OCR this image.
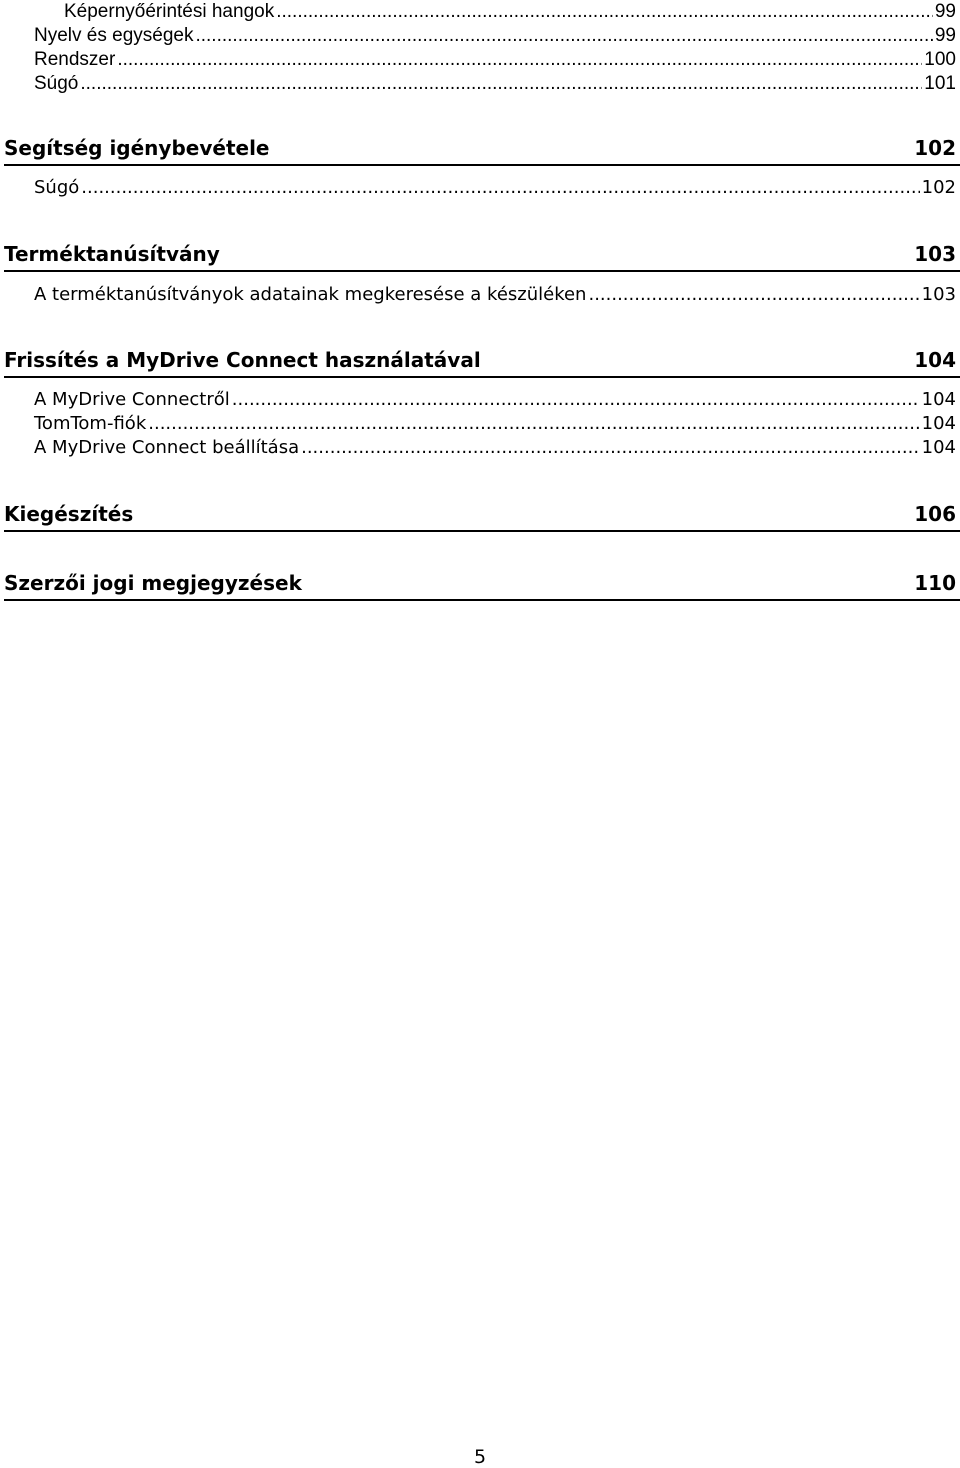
Képernyőérintési hangok .....	99
Nyelv és egységek .....	99
Rendszer .....	100
Súgó .....	101
Segítség igénybevétele	102
Súgó .....	102
Terméktanúsítvány	103
A terméktanúsítványok adatainak megkeresése a készüléken .....	103
Frissítés a MyDrive Connect használatával	104
A MyDrive Connectről .....	104
TomTom-fiók .....	104
A MyDrive Connect beállítása .....	104
Kiegészítés	106
Szerzői jogi megjegyzések	110
5
